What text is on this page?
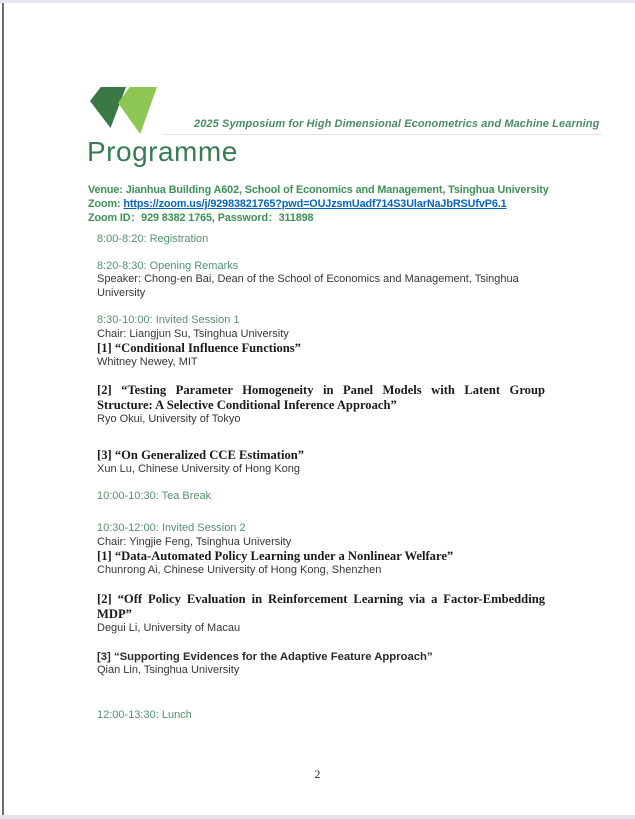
2025 Symposium for High Dimensional Econometrics and Machine Learning
Programme
Venue: Jianhua Building A602, School of Economics and Management, Tsinghua University
Zoom: https://zoom.us/j/92983821765?pwd=OUJzsmUadf714S3UlarNaJbRSUfvP6.1
Zoom ID：929 8382 1765, Password：311898
8:00-8:20: Registration
8:20-8:30: Opening Remarks
Speaker: Chong-en Bai, Dean of the School of Economics and Management, Tsinghua
University
8:30-10:00: Invited Session 1
Chair: Liangjun Su, Tsinghua University
[1] “Conditional Influence Functions”
Whitney Newey, MIT
[2] “Testing Parameter Homogeneity in Panel Models with Latent Group
Structure: A Selective Conditional Inference Approach”
Ryo Okui, University of Tokyo
[3] “On Generalized CCE Estimation”
Xun Lu, Chinese University of Hong Kong
10:00-10:30: Tea Break
10:30-12:00: Invited Session 2
Chair: Yingjie Feng, Tsinghua University
[1] “Data-Automated Policy Learning under a Nonlinear Welfare”
Chunrong Ai, Chinese University of Hong Kong, Shenzhen
[2] “Off Policy Evaluation in Reinforcement Learning via a Factor-Embedding
MDP”
Degui Li, University of Macau
[3] “Supporting Evidences for the Adaptive Feature Approach”
Qian Lin, Tsinghua University
12:00-13:30: Lunch
2
